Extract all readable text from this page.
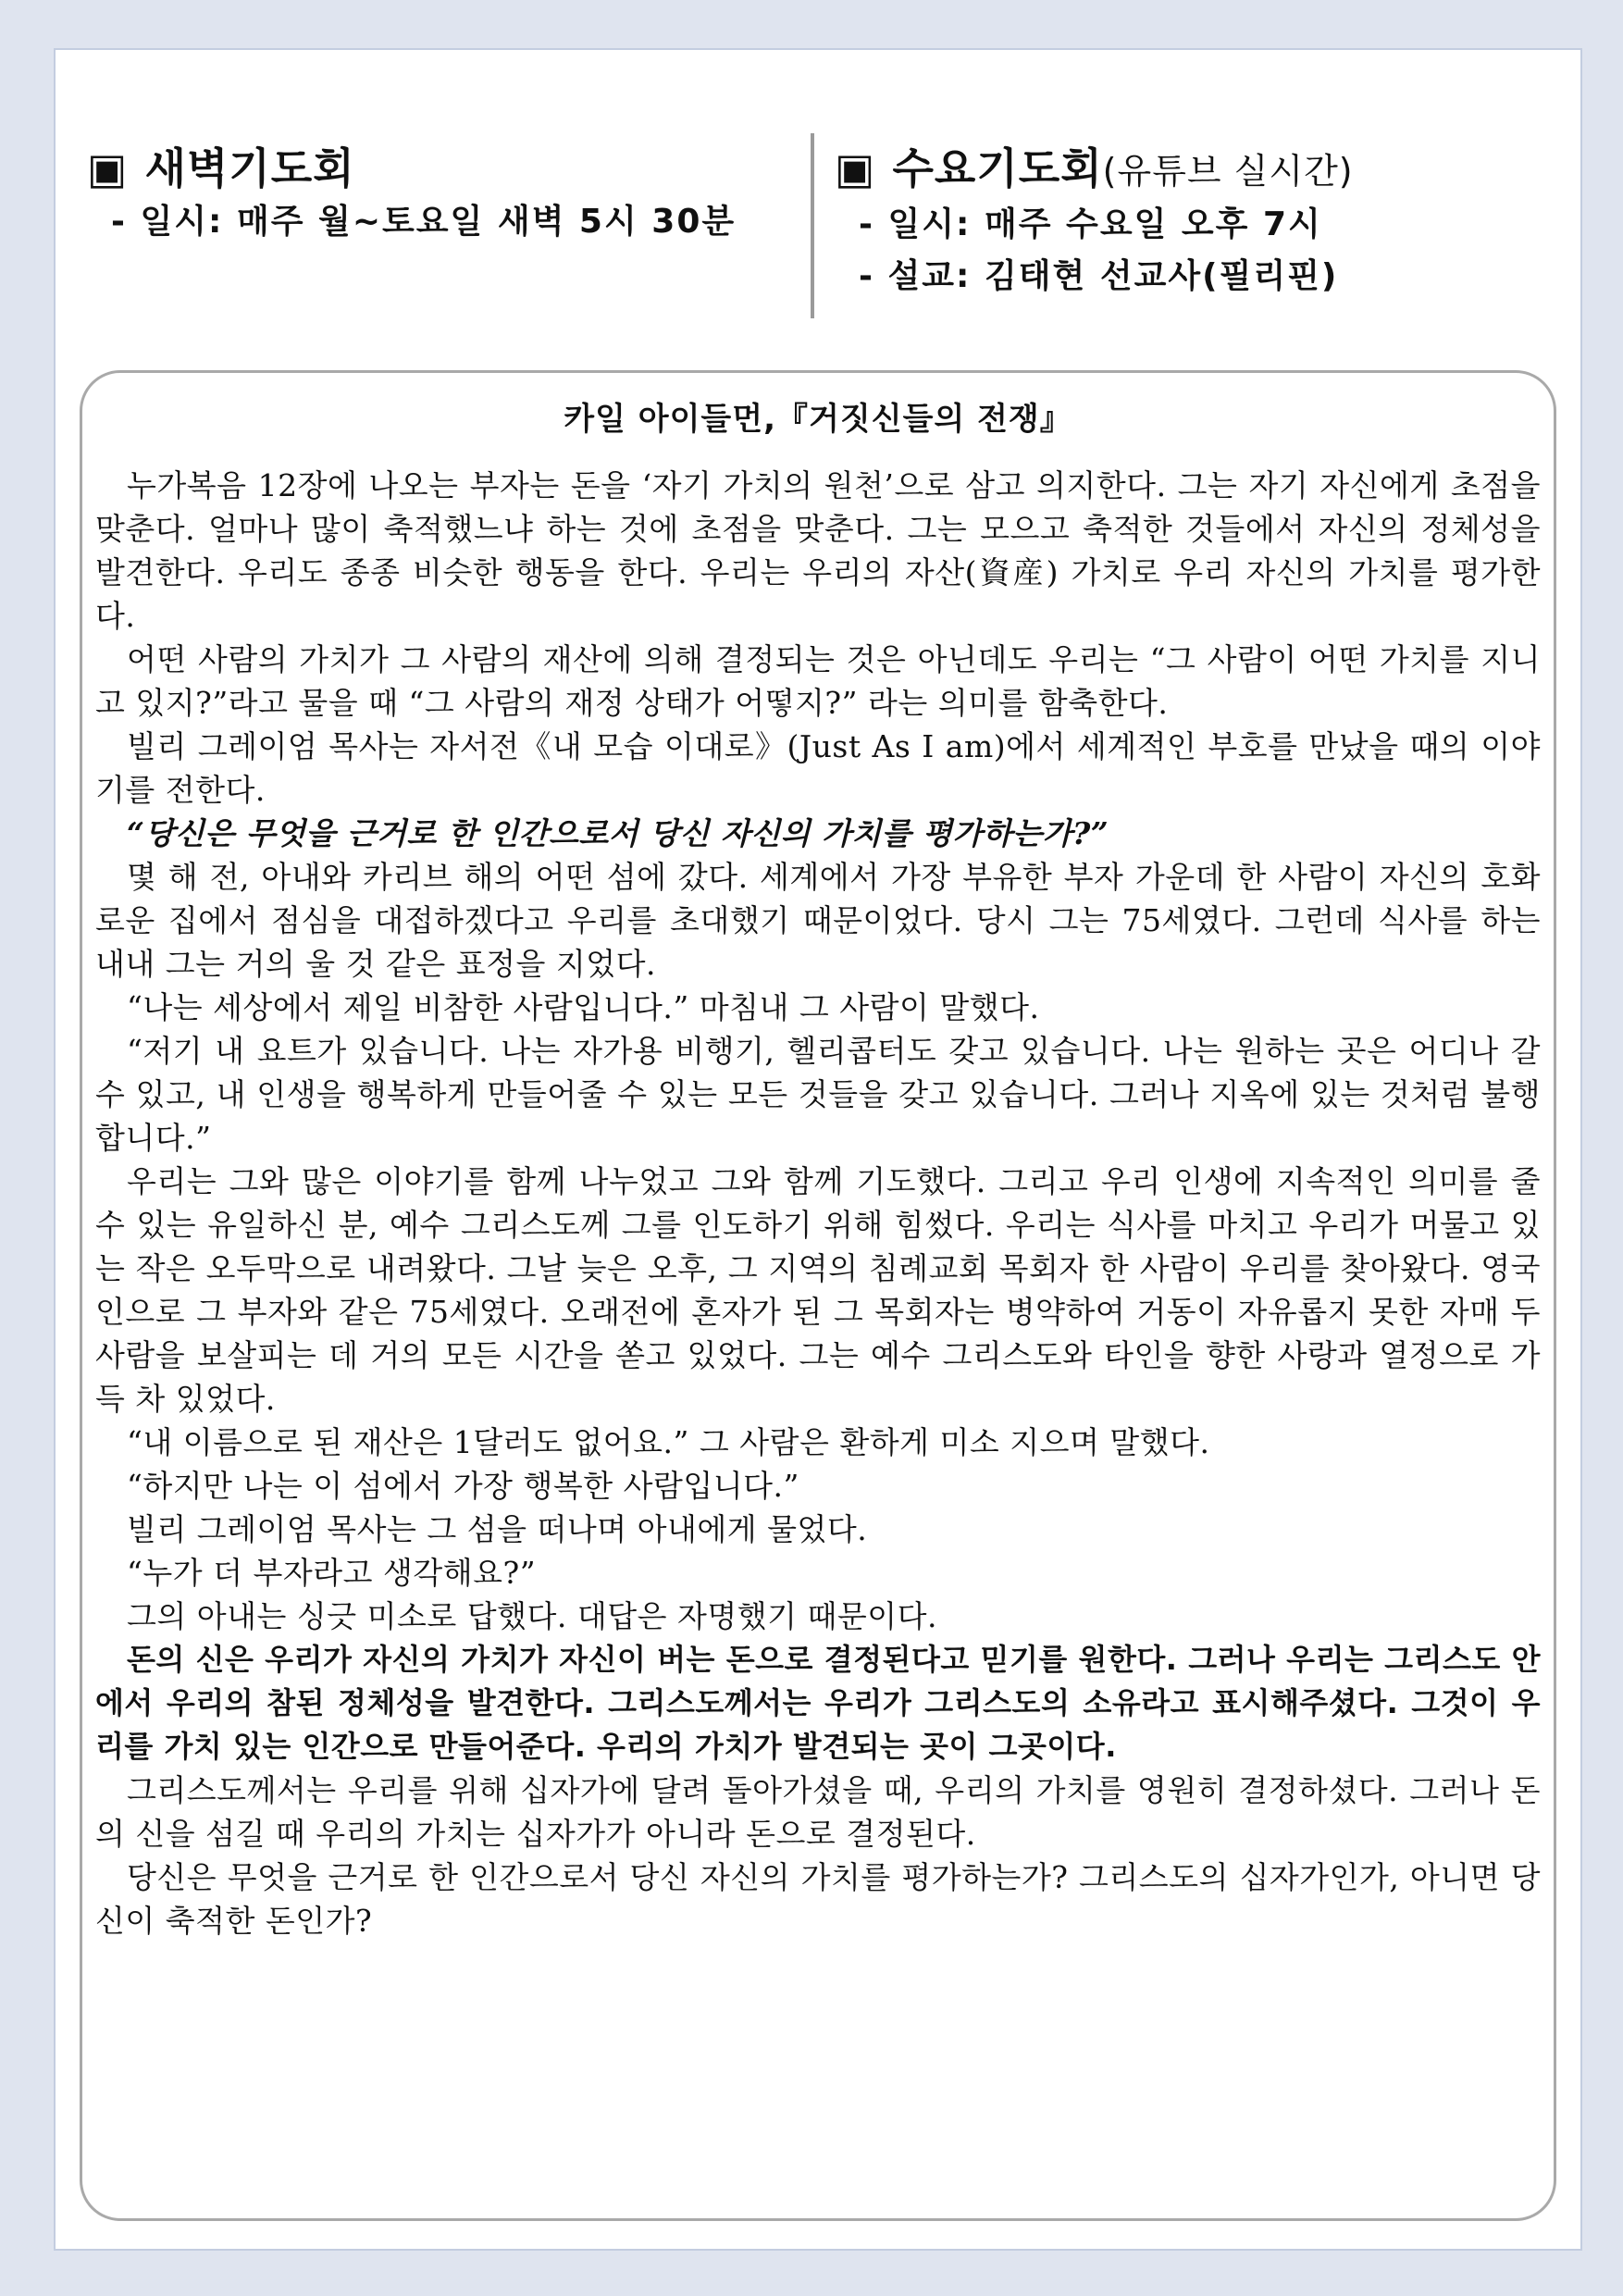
▣ 새벽기도회
- 일시: 매주 월~토요일 새벽 5시 30분
▣ 수요기도회(유튜브 실시간)
- 일시: 매주 수요일 오후 7시
- 설교: 김태현 선교사(필리핀)
카일 아이들먼,『거짓신들의 전쟁』

누가복음 12장에 나오는 부자는 돈을 ‘자기 가치의 원천’으로 삼고 의지한다. 그는 자기 자신에게 초점을 맞춘다. 얼마나 많이 축적했느냐 하는 것에 초점을 맞춘다. 그는 모으고 축적한 것들에서 자신의 정체성을 발견한다. 우리도 종종 비슷한 행동을 한다. 우리는 우리의 자산(資産) 가치로 우리 자신의 가치를 평가한다.

어떤 사람의 가치가 그 사람의 재산에 의해 결정되는 것은 아닌데도 우리는 “그 사람이 어떤 가치를 지니고 있지?”라고 물을 때 “그 사람의 재정 상태가 어떻지?” 라는 의미를 함축한다.

빌리 그레이엄 목사는 자서전《내 모습 이대로》(Just As I am)에서 세계적인 부호를 만났을 때의 이야기를 전한다.

“당신은 무엇을 근거로 한 인간으로서 당신 자신의 가치를 평가하는가?”

몇 해 전, 아내와 카리브 해의 어떤 섬에 갔다. 세계에서 가장 부유한 부자 가운데 한 사람이 자신의 호화로운 집에서 점심을 대접하겠다고 우리를 초대했기 때문이었다. 당시 그는 75세였다. 그런데 식사를 하는 내내 그는 거의 울 것 같은 표정을 지었다.

“나는 세상에서 제일 비참한 사람입니다.” 마침내 그 사람이 말했다.

“저기 내 요트가 있습니다. 나는 자가용 비행기, 헬리콥터도 갖고 있습니다. 나는 원하는 곳은 어디나 갈 수 있고, 내 인생을 행복하게 만들어줄 수 있는 모든 것들을 갖고 있습니다. 그러나 지옥에 있는 것처럼 불행합니다.”

우리는 그와 많은 이야기를 함께 나누었고 그와 함께 기도했다. 그리고 우리 인생에 지속적인 의미를 줄 수 있는 유일하신 분, 예수 그리스도께 그를 인도하기 위해 힘썼다. 우리는 식사를 마치고 우리가 머물고 있는 작은 오두막으로 내려왔다. 그날 늦은 오후, 그 지역의 침례교회 목회자 한 사람이 우리를 찾아왔다. 영국인으로 그 부자와 같은 75세였다. 오래전에 혼자가 된 그 목회자는 병약하여 거동이 자유롭지 못한 자매 두 사람을 보살피는 데 거의 모든 시간을 쏟고 있었다. 그는 예수 그리스도와 타인을 향한 사랑과 열정으로 가득 차 있었다.

“내 이름으로 된 재산은 1달러도 없어요.” 그 사람은 환하게 미소 지으며 말했다.

“하지만 나는 이 섬에서 가장 행복한 사람입니다.”

빌리 그레이엄 목사는 그 섬을 떠나며 아내에게 물었다.

“누가 더 부자라고 생각해요?”

그의 아내는 싱긋 미소로 답했다. 대답은 자명했기 때문이다.

돈의 신은 우리가 자신의 가치가 자신이 버는 돈으로 결정된다고 믿기를 원한다. 그러나 우리는 그리스도 안에서 우리의 참된 정체성을 발견한다. 그리스도께서는 우리가 그리스도의 소유라고 표시해주셨다. 그것이 우리를 가치 있는 인간으로 만들어준다. 우리의 가치가 발견되는 곳이 그곳이다.

그리스도께서는 우리를 위해 십자가에 달려 돌아가셨을 때, 우리의 가치를 영원히 결정하셨다. 그러나 돈의 신을 섬길 때 우리의 가치는 십자가가 아니라 돈으로 결정된다.

당신은 무엇을 근거로 한 인간으로서 당신 자신의 가치를 평가하는가? 그리스도의 십자가인가, 아니면 당신이 축적한 돈인가?
